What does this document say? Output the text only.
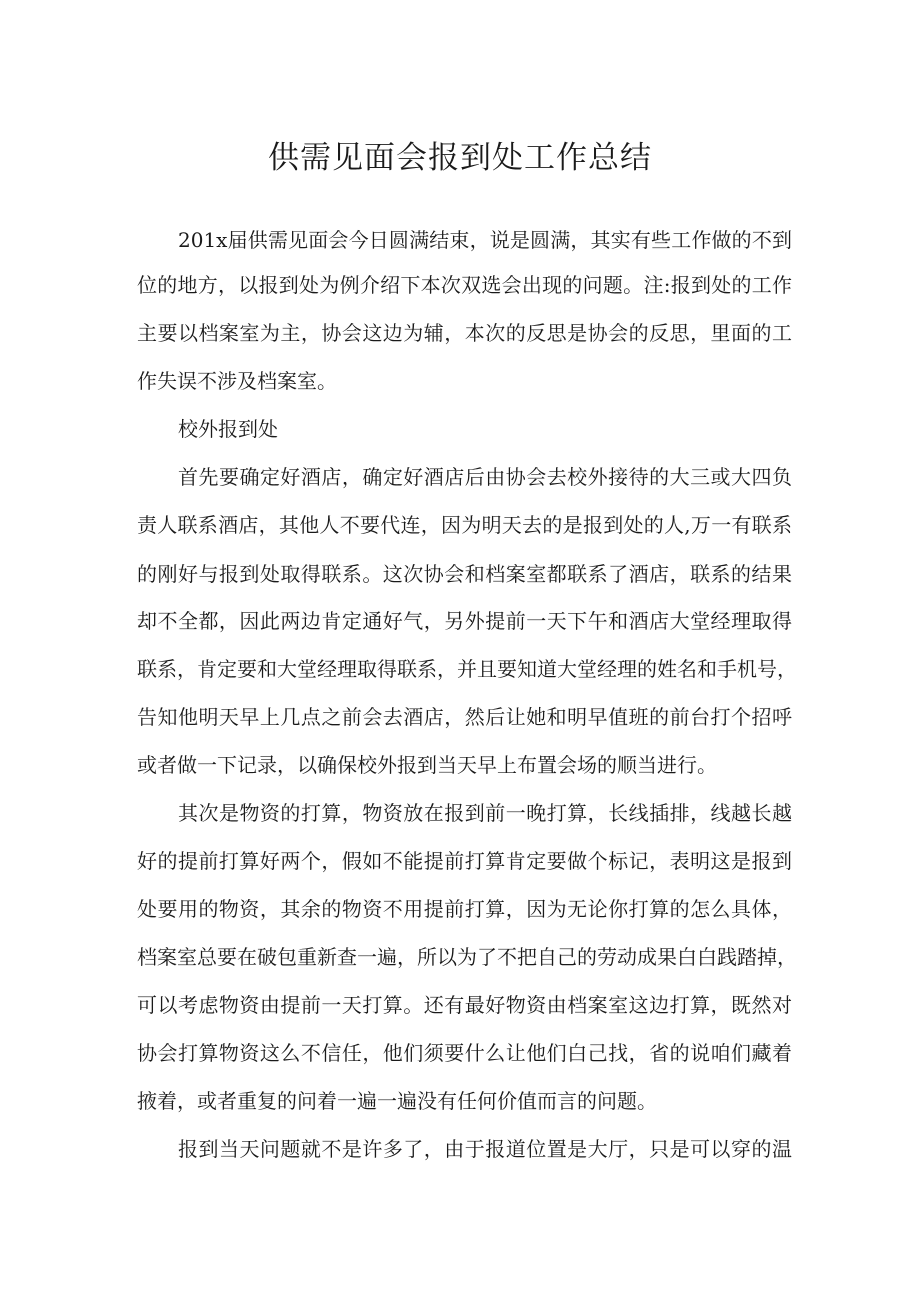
供需见面会报到处工作总结
201x届供需见面会今日圆满结束，说是圆满，其实有些工作做的不到
位的地方，以报到处为例介绍下本次双选会出现的问题。注:报到处的工作
主要以档案室为主，协会这边为辅，本次的反思是协会的反思，里面的工
作失误不涉及档案室。
校外报到处
首先要确定好酒店，确定好酒店后由协会去校外接待的大三或大四负
责人联系酒店，其他人不要代连，因为明天去的是报到处的人,万一有联系
的刚好与报到处取得联系。这次协会和档案室都联系了酒店，联系的结果
却不全都，因此两边肯定通好气，另外提前一天下午和酒店大堂经理取得
联系，肯定要和大堂经理取得联系，并且要知道大堂经理的姓名和手机号，
告知他明天早上几点之前会去酒店，然后让她和明早值班的前台打个招呼
或者做一下记录，以确保校外报到当天早上布置会场的顺当进行。
其次是物资的打算，物资放在报到前一晚打算，长线插排，线越长越
好的提前打算好两个，假如不能提前打算肯定要做个标记，表明这是报到
处要用的物资，其余的物资不用提前打算，因为无论你打算的怎么具体，
档案室总要在破包重新查一遍，所以为了不把自己的劳动成果白白践踏掉，
可以考虑物资由提前一天打算。还有最好物资由档案室这边打算，既然对
协会打算物资这么不信任，他们须要什么让他们白己找，省的说咱们藏着
掖着，或者重复的问着一遍一遍没有任何价值而言的问题。
报到当天问题就不是许多了，由于报道位置是大厅，只是可以穿的温
